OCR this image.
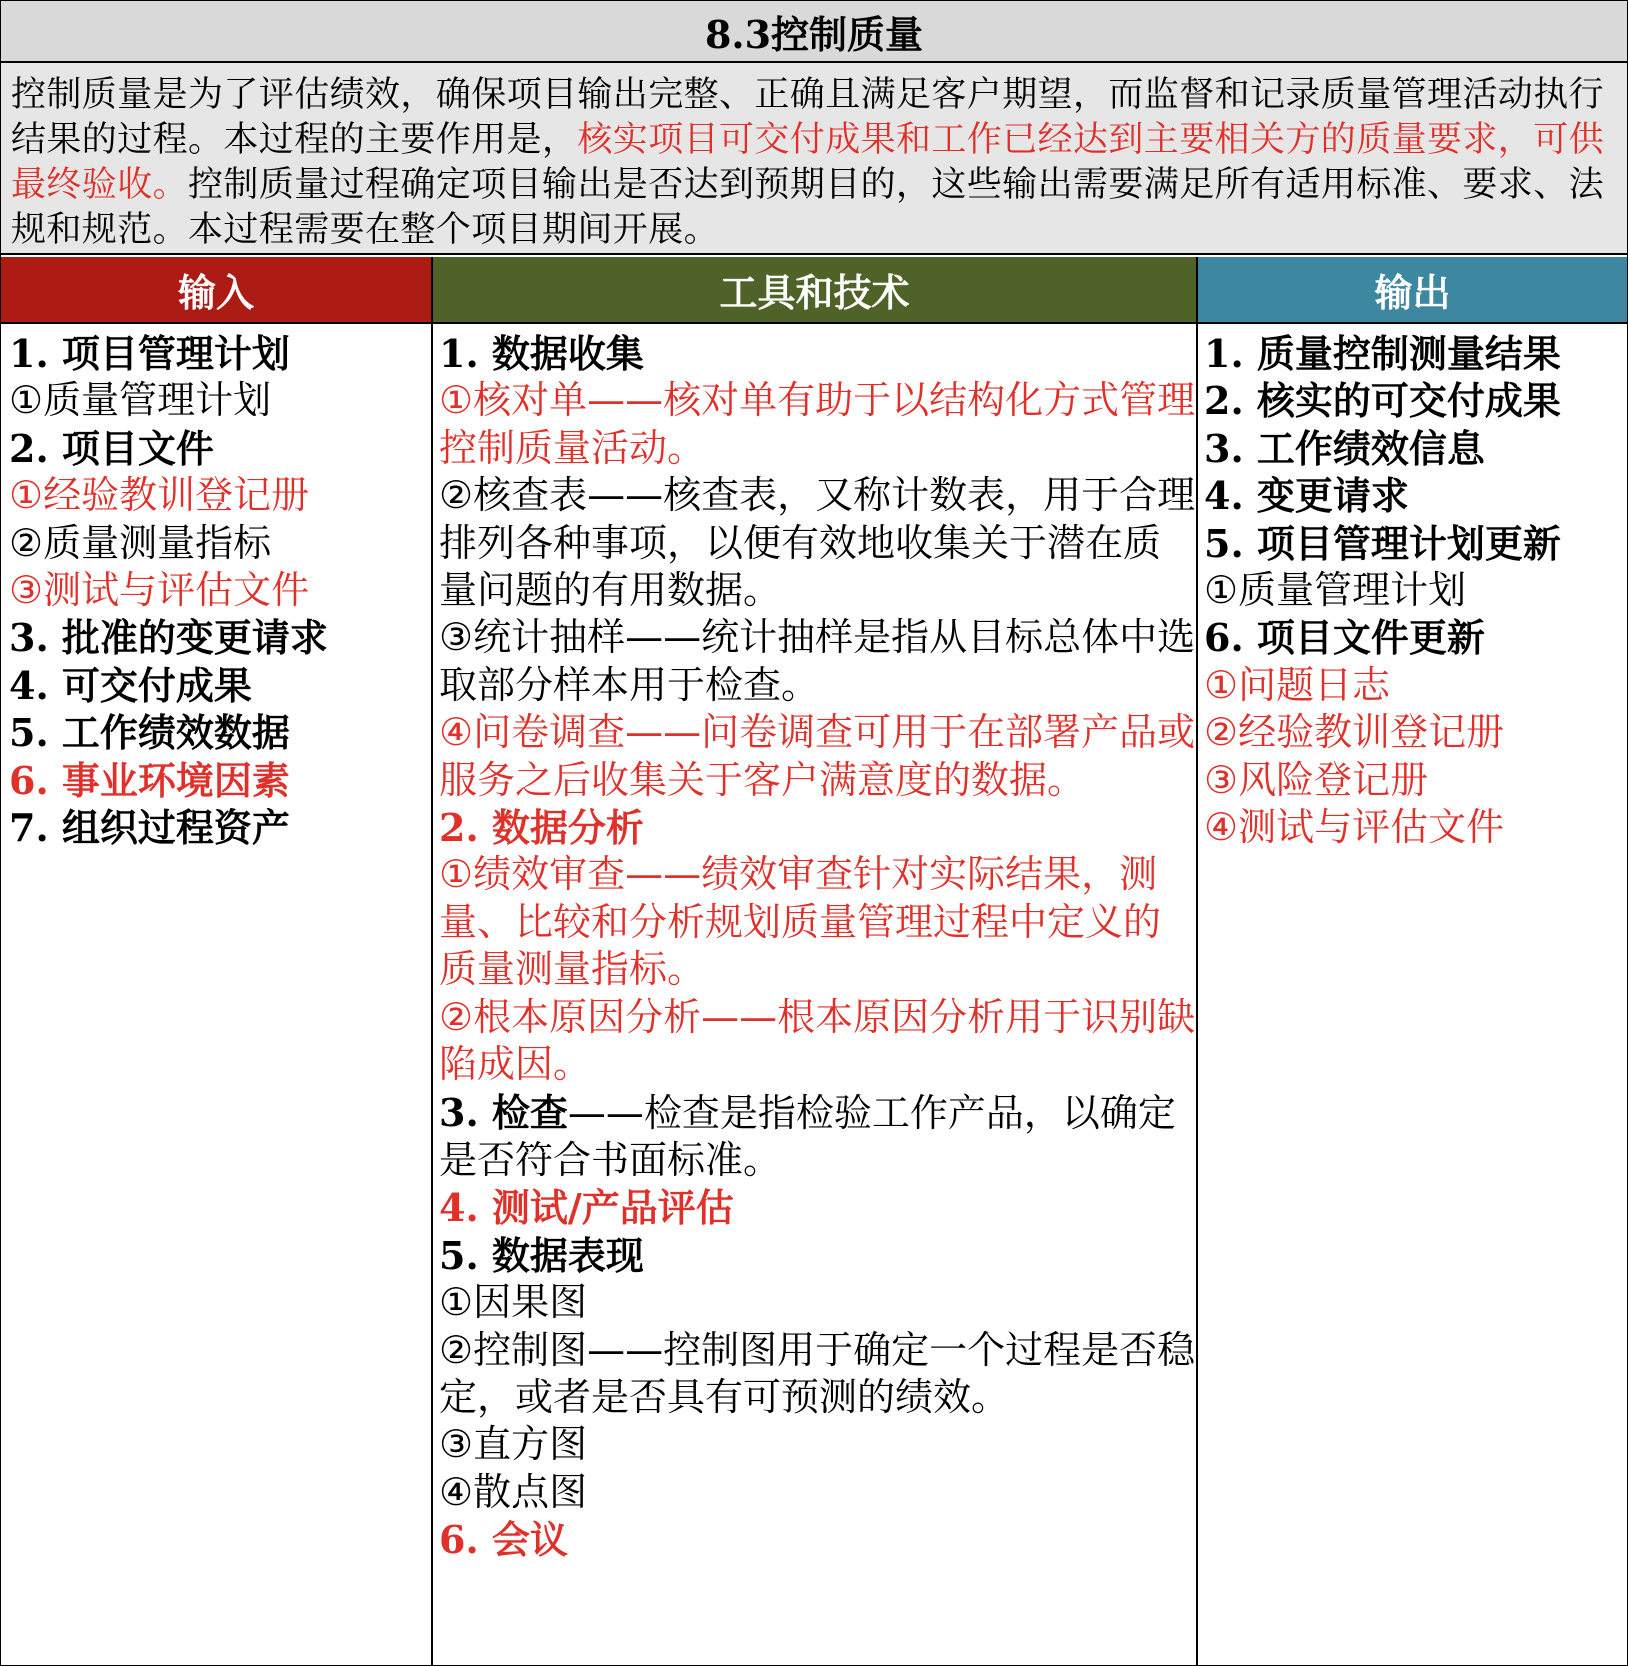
8.3控制质量
控制质量是为了评估绩效，确保项目输出完整、正确且满足客户期望，而监督和记录质量管理活动执行结果的过程。本过程的主要作用是，核实项目可交付成果和工作已经达到主要相关方的质量要求，可供最终验收。控制质量过程确定项目输出是否达到预期目的，这些输出需要满足所有适用标准、要求、法规和规范。本过程需要在整个项目期间开展。
输入	工具和技术	输出
1. 项目管理计划
①质量管理计划
2. 项目文件
①经验教训登记册
②质量测量指标
③测试与评估文件
3. 批准的变更请求
4. 可交付成果
5. 工作绩效数据
6. 事业环境因素
7. 组织过程资产
1. 数据收集
①核对单——核对单有助于以结构化方式管理控制质量活动。
②核查表——核查表，又称计数表，用于合理排列各种事项，以便有效地收集关于潜在质量问题的有用数据。
③统计抽样——统计抽样是指从目标总体中选取部分样本用于检查。
④问卷调查——问卷调查可用于在部署产品或服务之后收集关于客户满意度的数据。
2. 数据分析
①绩效审查——绩效审查针对实际结果，测量、比较和分析规划质量管理过程中定义的质量测量指标。
②根本原因分析——根本原因分析用于识别缺陷成因。
3. 检查——检查是指检验工作产品，以确定是否符合书面标准。
4. 测试/产品评估
5. 数据表现
①因果图
②控制图——控制图用于确定一个过程是否稳定，或者是否具有可预测的绩效。
③直方图
④散点图
6. 会议
1. 质量控制测量结果
2. 核实的可交付成果
3. 工作绩效信息
4. 变更请求
5. 项目管理计划更新
①质量管理计划
6. 项目文件更新
①问题日志
②经验教训登记册
③风险登记册
④测试与评估文件
